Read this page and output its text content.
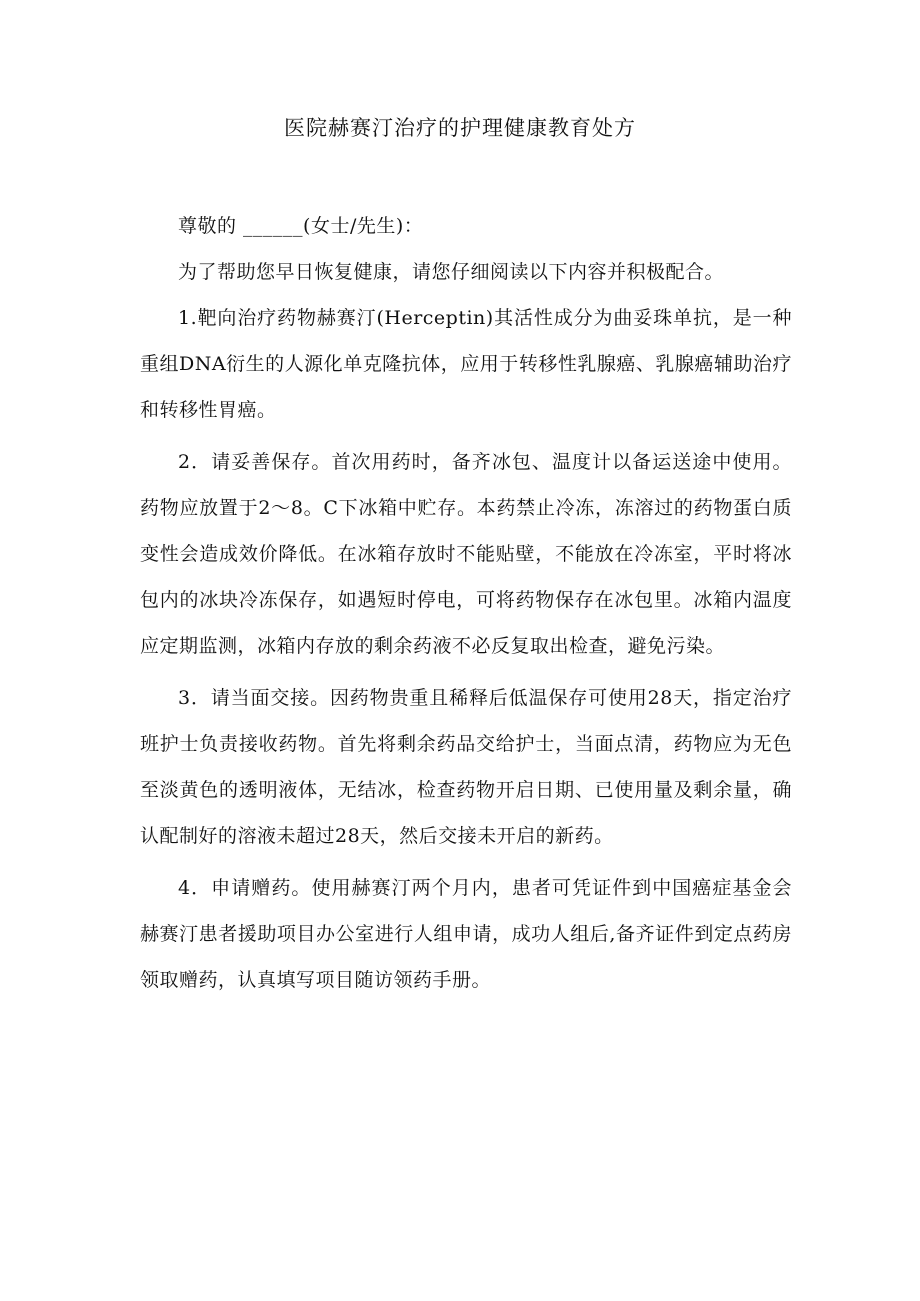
医院赫赛汀治疗的护理健康教育处方

尊敬的 ______(女士/先生)：

为了帮助您早日恢复健康，请您仔细阅读以下内容并积极配合。

1.靶向治疗药物赫赛汀(Herceptin)其活性成分为曲妥珠单抗，是一种重组DNA衍生的人源化单克隆抗体，应用于转移性乳腺癌、乳腺癌辅助治疗和转移性胃癌。

2．请妥善保存。首次用药时，备齐冰包、温度计以备运送途中使用。药物应放置于2～8。C下冰箱中贮存。本药禁止冷冻，冻溶过的药物蛋白质变性会造成效价降低。在冰箱存放时不能贴壁，不能放在冷冻室，平时将冰包内的冰块冷冻保存，如遇短时停电，可将药物保存在冰包里。冰箱内温度应定期监测，冰箱内存放的剩余药液不必反复取出检查，避免污染。

3．请当面交接。因药物贵重且稀释后低温保存可使用28天，指定治疗班护士负责接收药物。首先将剩余药品交给护士，当面点清，药物应为无色至淡黄色的透明液体，无结冰，检查药物开启日期、已使用量及剩余量，确认配制好的溶液未超过28天，然后交接未开启的新药。

4．申请赠药。使用赫赛汀两个月内，患者可凭证件到中国癌症基金会赫赛汀患者援助项目办公室进行人组申请，成功人组后,备齐证件到定点药房领取赠药，认真填写项目随访领药手册。
